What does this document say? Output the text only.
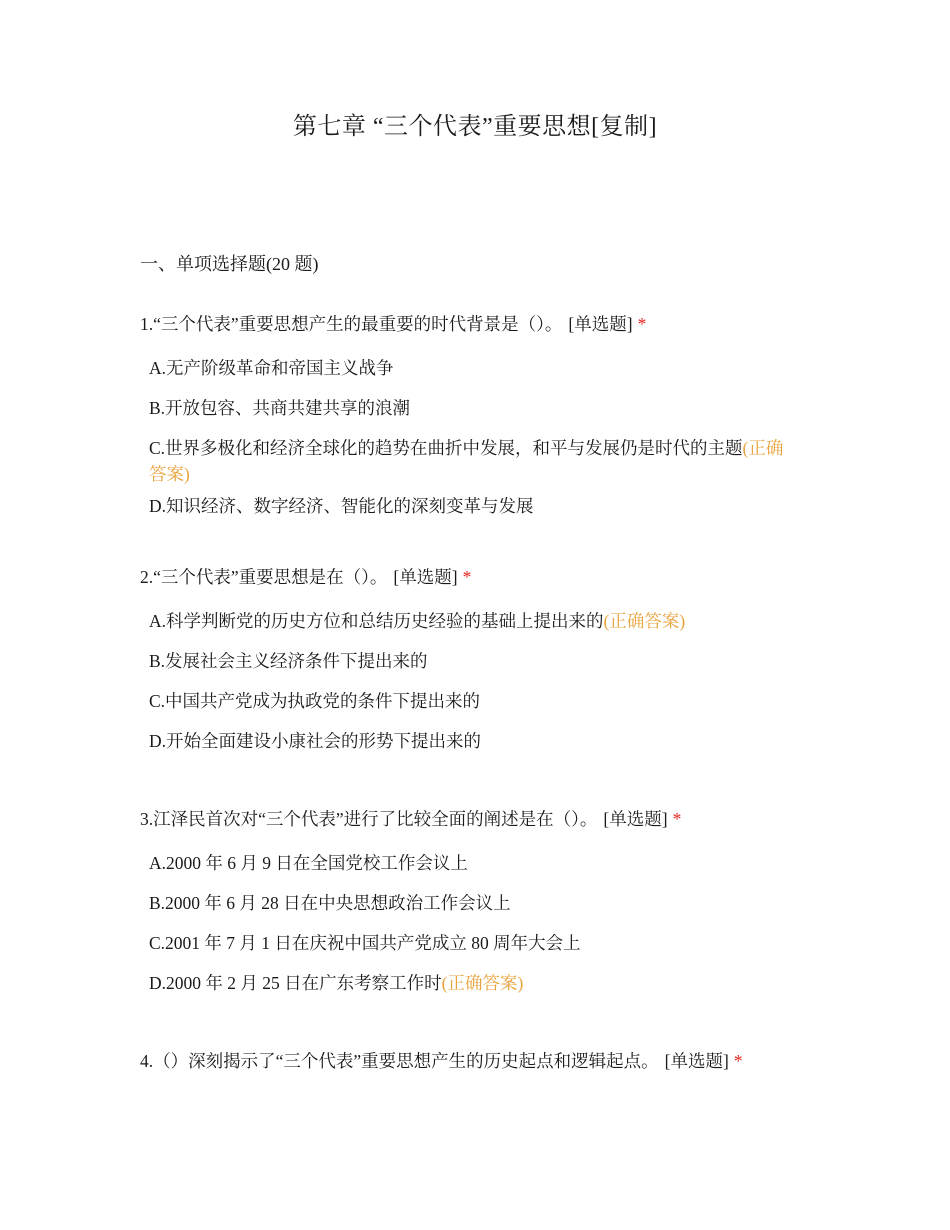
第七章 “三个代表”重要思想[复制]
一、单项选择题(20 题)
1.“三个代表”重要思想产生的最重要的时代背景是（）。 [单选题] *
A.无产阶级革命和帝国主义战争
B.开放包容、共商共建共享的浪潮
C.世界多极化和经济全球化的趋势在曲折中发展，和平与发展仍是时代的主题(正确答案)
D.知识经济、数字经济、智能化的深刻变革与发展
2.“三个代表”重要思想是在（）。 [单选题] *
A.科学判断党的历史方位和总结历史经验的基础上提出来的(正确答案)
B.发展社会主义经济条件下提出来的
C.中国共产党成为执政党的条件下提出来的
D.开始全面建设小康社会的形势下提出来的
3.江泽民首次对“三个代表”进行了比较全面的阐述是在（）。 [单选题] *
A.2000 年 6 月 9 日在全国党校工作会议上
B.2000 年 6 月 28 日在中央思想政治工作会议上
C.2001 年 7 月 1 日在庆祝中国共产党成立 80 周年大会上
D.2000 年 2 月 25 日在广东考察工作时(正确答案)
4.（）深刻揭示了“三个代表”重要思想产生的历史起点和逻辑起点。 [单选题] *
